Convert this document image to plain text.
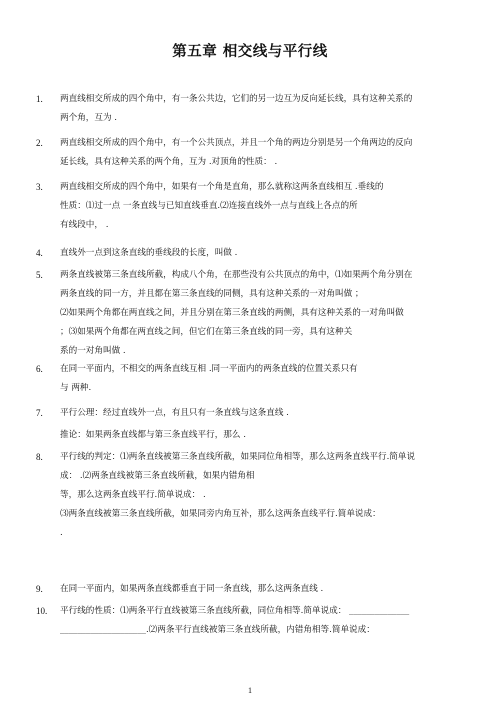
第五章 相交线与平行线
1.	两直线相交所成的四个角中，有一条公共边，它们的另一边互为反向延长线，具有这种关系的
两个角，互为 .
2.	两直线相交所成的四个角中，有一个公共顶点，并且一个角的两边分别是另一个角两边的反向
延长线，具有这种关系的两个角，互为 .对顶角的性质： .
3.	两直线相交所成的四个角中，如果有一个角是直角，那么就称这两条直线相互 .垂线的
性质：⑴过一点 一条直线与已知直线垂直.⑵连接直线外一点与直线上各点的所
有线段中， .
4.	直线外一点到这条直线的垂线段的长度，叫做 .
5.	两条直线被第三条直线所截，构成八个角，在那些没有公共顶点的角中，⑴如果两个角分别在
两条直线的同一方，并且都在第三条直线的同侧，具有这种关系的一对角叫做 ；
⑵如果两个角都在两直线之间，并且分别在第三条直线的两侧，具有这种关系的一对角叫做
；⑶如果两个角都在两直线之间，但它们在第三条直线的同一旁，具有这种关
系的一对角叫做 .
6.	在同一平面内，不相交的两条直线互相 .同一平面内的两条直线的位置关系只有
与 两种.
7.	平行公理：经过直线外一点，有且只有一条直线与这条直线 .
推论：如果两条直线都与第三条直线平行，那么 .
8.	平行线的判定：⑴两条直线被第三条直线所截，如果同位角相等，那么这两条直线平行.简单说
成： .⑵两条直线被第三条直线所截，如果内错角相
等，那么这两条直线平行.简单说成： .
⑶两条直线被第三条直线所截，如果同旁内角互补，那么这两条直线平行.简单说成：
.
9.	在同一平面内，如果两条直线都垂直于同一条直线，那么这两条直线 .
10.	平行线的性质：⑴两条平行直线被第三条直线所截，同位角相等.简单说成： ______________
____________________.⑵两条平行直线被第三条直线所截，内错角相等.简单说成：
1
